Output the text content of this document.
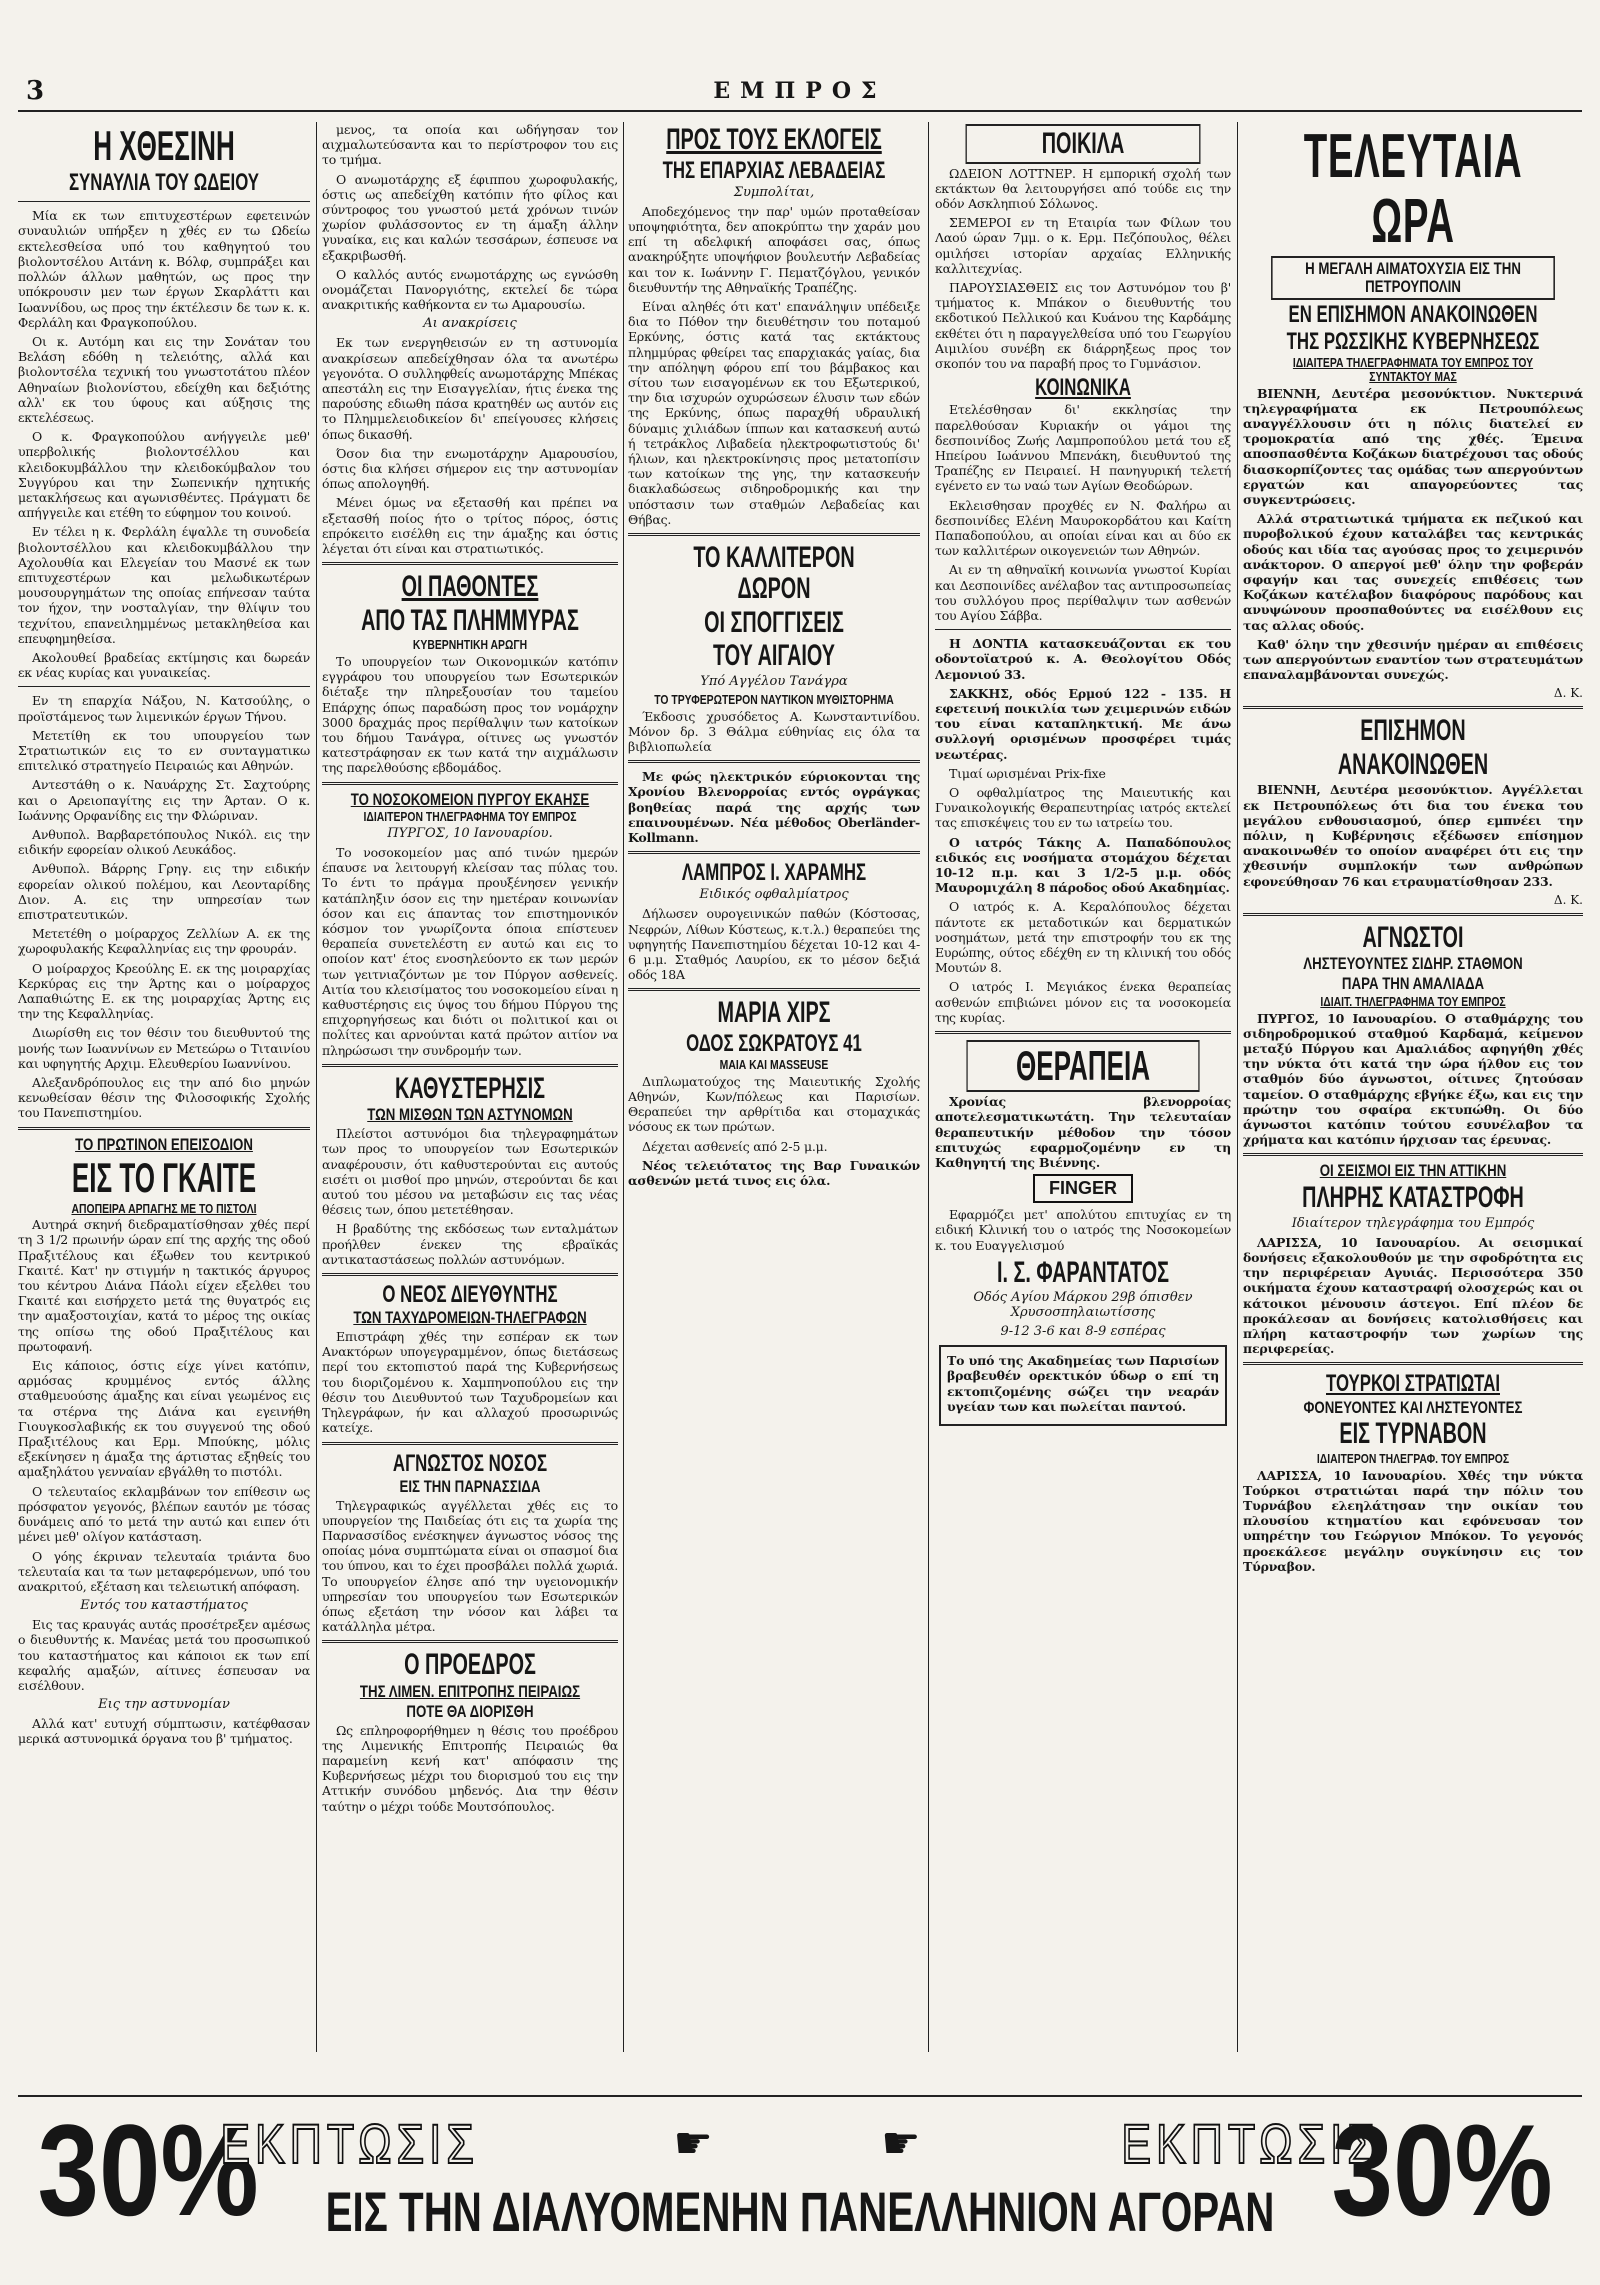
3	ΕΜΠΡΟΣ
Η ΧΘΕΣΙΝΗ
ΣΥΝΑΥΛΙΑ ΤΟΥ ΩΔΕΙΟΥ

Μία εκ των επιτυχεστέρων εφετεινών συναυλιών υπήρξεν η χθές εν τω Ωδείω εκτελεσθείσα υπό του καθηγητού του βιολοντσέλου Αιτάνη κ. Βόλφ, συμπράξει και πολλών άλλων μαθητών, ως προς την υπόκρουσιν μεν των έργων Σκαρλάττι και Ιωαννίδου, ως προς την έκτέλεσιν δε των κ. κ. Φερλάλη και Φραγκοπούλου.

Οι κ. Αυτόμη και εις την Σονάταν του Βελάση εδόθη η τελειότης, αλλά και βιολοντσέλα τεχνική του γνωστοτάτου πλέον Αθηναίων βιολονίστου, εδείχθη και δεξιότης αλλ' εκ του ύφους και αύξησις της εκτελέσεως.

Ο κ. Φραγκοπούλου ανήγγειλε μεθ' υπερβολικής βιολοντσέλλου και κλειδοκυμβάλλου την κλειδοκύμβαλον του Συγγύρου και την Σωπενικήν ηχητικής μετακλήσεως και αγωνισθέντες. Πράγματι δε απήγγειλε και ετέθη το εύφημον του κοινού.

Εν τέλει η κ. Φερλάλη έψαλλε τη συνοδεία βιολοντσέλλου και κλειδοκυμβάλλου την Αχολουθία και Ελεγείαν του Μασνέ εκ των επιτυχεστέρων και μελωδικωτέρων μουσουργημάτων της οποίας επήνεσαν ταύτα τον ήχον, την νοσταλγίαν, την θλίψιν του τεχνίτου, επανειλημμένως μετακληθείσα και επευφημηθείσα.

Ακολουθεί βραδείας εκτίμησις και δωρεάν εκ νέας κυρίας και γυναικείας.

Εν τη επαρχία Νάξου, Ν. Κατσούλης, ο προϊστάμενος των λιμενικών έργων Τήνου.

Μετετίθη εκ του υπουργείου των Στρατιωτικών εις το εν συνταγματικω επιτελικό στρατηγείο Πειραιώς και Αθηνών.

Αντεστάθη ο κ. Ναυάρχης Στ. Σαχτούρης και ο Αρειοπαγίτης εις την Άρταν. Ο κ. Ιωάννης Ορφανίδης εις την Φλώριναν.

Ανθυπολ. Βαρβαρετόπουλος Νικόλ. εις την ειδικήν εφορείαν ολικού Λευκάδος.

Ανθυπολ. Βάρρης Γρηγ. εις την ειδικήν εφορείαν ολικού πολέμου, και Λεονταρίδης Διον. Α. εις την υπηρεσίαν των επιστρατευτικών.

Μετετέθη ο μοίραρχος Ζελλίων Α. εκ της χωροφυλακής Κεφαλληνίας εις την φρουράν.

Ο μοίραρχος Κρεούλης Ε. εκ της μοιραρχίας Κερκύρας εις την Άρτης και ο μοίραρχος Λαπαθιώτης Ε. εκ της μοιραρχίας Άρτης εις την της Κεφαλληνίας.

Διωρίσθη εις τον θέσιν του διευθυντού της μονής των Ιωαννίνων εν Μετεώρω ο Τιταινίου και υφηγητής Αρχιμ. Ελευθερίου Ιωαννίνου.

Αλεξανδρόπουλος εις την από διο μηνών κενωθείσαν θέσιν της Φιλοσοφικής Σχολής του Πανεπιστημίου.

ΤΟ ΠΡΩΤΙΝΟΝ ΕΠΕΙΣΟΔΙΟΝ
ΕΙΣ ΤΟ ΓΚΑΙΤΕ
ΑΠΟΠΕΙΡΑ ΑΡΠΑΓΗΣ ΜΕ ΤΟ ΠΙΣΤΟΛΙ

Αυτηρά σκηνή διεδραματίσθησαν χθές περί τη 3 1/2 πρωινήν ώραν επί της αρχής της οδού Πραξιτέλους και έξωθεν του κεντρικού Γκαιτέ. Κατ' ην στιγμήν η τακτικός άργυρος του κέντρου Διάνα Πάολι είχεν εξελθει του Γκαιτέ και εισήρχετο μετά της θυγατρός εις την αμαξοστοιχίαν, κατά το μέρος της οικίας της οπίσω της οδού Πραξιτέλους και πρωτοφανή.

Εις κάποιος, όστις είχε γίνει κατόπιν, αρμόσας κρυμμένος εντός άλλης σταθμευούσης άμαξης και είναι γεωμένος εις τα στέρνα της Διάνα και εγεινήθη Γιουγκοσλαβικής εκ του συγγενού της οδού Πραξιτέλους και Ερμ. Μπούκης, μόλις εξεκίνησεν η άμαξα της άρτιστας εξηθείς του αμαξηλάτου γενναίαν εβγάλθη το πιστόλι.

Ο τελευταίος εκλαμβάνων τον επίθεσιν ως πρόσφατον γεγονός, βλέπων εαυτόν με τόσας δυνάμεις από το μετά την αυτώ και ειπεν ότι μένει μεθ' ολίγον κατάσταση.

Ο γόης έκριναν τελευταία τριάντα δυο τελευταία και τα των μεταφερόμενων, υπό του ανακριτού, εξέταση και τελειωτική απόφαση.

Εντός του καταστήματος

Εις τας κραυγάς αυτάς προσέτρεξεν αμέσως ο διευθυντής κ. Μανέας μετά του προσωπικού του καταστήματος και κάποιοι εκ των επί κεφαλής αμαξών, αίτινες έσπευσαν να εισέλθουν.

Εις την αστυνομίαν

Αλλά κατ' ευτυχή σύμπτωσιν, κατέφθασαν μερικά αστυνομικά όργανα του β' τμήματος.

μενος, τα οποία και ωδήγησαν τον αιχμαλωτεύσαντα και το περίστροφον του εις το τμήμα.

Ο ανωμοτάρχης εξ έφιππου χωροφυλακής, όστις ως απεδείχθη κατόπιν ήτο φίλος και σύντροφος του γνωστού μετά χρόνων τινών χωρίον φυλάσσοντος εν τη άμαξη άλλην γυναίκα, εις και καλών τεσσάρων, έσπευσε να εξακριβωσθή.

Ο καλλός αυτός ενωμοτάρχης ως εγνώσθη ονομάζεται Πανοργιότης, εκτελεί δε τώρα ανακριτικής καθήκοντα εν τω Αμαρουσίω.

Αι ανακρίσεις

Εκ των ενεργηθεισών εν τη αστυνομία ανακρίσεων απεδείχθησαν όλα τα ανωτέρω γεγονότα. Ο συλληφθείς ανωμοτάρχης Μπέκας απεστάλη εις την Εισαγγελίαν, ήτις ένεκα της παρούσης εδιωθη πάσα κρατηθέν ως αυτόν εις το Πλημμελειοδικείον δι' επείγουσες κλήσεις όπως δικασθή.

Όσον δια την ενωμοτάρχην Αμαρουσίου, όστις δια κλήσει σήμερον εις την αστυνομίαν όπως απολογηθή.

Μένει όμως να εξετασθή και πρέπει να εξετασθή ποίος ήτο ο τρίτος πόρος, όστις επρόκειτο εισέλθη εις την άμαξης και όστις λέγεται ότι είναι και στρατιωτικός.

ΟΙ ΠΑΘΟΝΤΕΣ
ΑΠΟ ΤΑΣ ΠΛΗΜΜΥΡΑΣ
ΚΥΒΕΡΝΗΤΙΚΗ ΑΡΩΓΗ

Το υπουργείον των Οικονομικών κατόπιν εγγράφου του υπουργείου των Εσωτερικών διέταξε την πληρεξουσίαν του ταμείου Επάρχης όπως παραδώση προς τον νομάρχην 3000 δραχμάς προς περίθαλψιν των κατοίκων του δήμου Τανάγρα, οίτινες ως γνωστόν κατεστράφησαν εκ των κατά την αιχμάλωσιν της παρελθούσης εβδομάδος.

ΤΟ ΝΟΣΟΚΟΜΕΙΟΝ ΠΥΡΓΟΥ ΕΚΑΗΣΕ
ΙΔΙΑΙΤΕΡΟΝ ΤΗΛΕΓΡΑΦΗΜΑ ΤΟΥ ΕΜΠΡΟΣ
ΠΥΡΓΟΣ, 10 Ιανουαρίου.

Το νοσοκομείον μας από τινών ημερών έπαυσε να λειτουργή κλείσαν τας πύλας του. Το έντι το πράγμα προυξένησεν γενικήν κατάπληξιν όσον εις την ημετέραν κοινωνίαν όσον και εις άπαντας τον επιστημονικόν κόσμον τον γνωρίζοντα όποια επίστευεν θεραπεία συνετελέστη εν αυτώ και εις το οποίον κατ' έτος ενοσηλεύοντο εκ των μερών των γειτνιαζόντων με τον Πύργον ασθενείς. Αιτία του κλεισίματος του νοσοκομείου είναι η καθυστέρησις εις ύψος του δήμου Πύργου της επιχορηγήσεως και διότι οι πολιτικοί και οι πολίτες και αρνούνται κατά πρώτον αιτίον να πληρώσωσι την συνδρομήν των.

ΚΑΘΥΣΤΕΡΗΣΙΣ
ΤΩΝ ΜΙΣΘΩΝ ΤΩΝ ΑΣΤΥΝΟΜΩΝ

Πλείστοι αστυνόμοι δια τηλεγραφημάτων των προς το υπουργείον των Εσωτερικών αναφέρουσιν, ότι καθυστερούνται εις αυτούς εισέτι οι μισθοί προ μηνών, στερούνται δε και αυτού του μέσου να μεταβώσιν εις τας νέας θέσεις των, όπου μετετέθησαν.

Η βραδύτης της εκδόσεως των ενταλμάτων προήλθεν ένεκεν της εβραϊκάς αντικαταστάσεως πολλών αστυνόμων.

Ο ΝΕΟΣ ΔΙΕΥΘΥΝΤΗΣ
ΤΩΝ ΤΑΧΥΔΡΟΜΕΙΩΝ-ΤΗΛΕΓΡΑΦΩΝ

Επιστράφη χθές την εσπέραν εκ των Ανακτόρων υπογεγραμμένον, όπως διετάσεως περί του εκτοπιστού παρά της Κυβερνήσεως του διοριζομένου κ. Χαμπηνοπούλου εις την θέσιν του Διευθυντού των Ταχυδρομείων και Τηλεγράφων, ήν και αλλαχού προσωρινώς κατείχε.

ΑΓΝΩΣΤΟΣ ΝΟΣΟΣ
ΕΙΣ ΤΗΝ ΠΑΡΝΑΣΣΙΔΑ

Τηλεγραφικώς αγγέλλεται χθές εις το υπουργείον της Παιδείας ότι εις τα χωρία της Παρνασσίδος ενέσκηψεν άγνωστος νόσος της οποίας μόνα συμπτώματα είναι οι σπασμοί δια του ύπνου, και το έχει προσβάλει πολλά χωριά. Το υπουργείον έλησε από την υγειονομικήν υπηρεσίαν του υπουργείου των Εσωτερικών όπως εξετάση την νόσον και λάβει τα κατάλληλα μέτρα.

Ο ΠΡΟΕΔΡΟΣ
ΤΗΣ ΛΙΜΕΝ. ΕΠΙΤΡΟΠΗΣ ΠΕΙΡΑΙΩΣ
ΠΟΤΕ ΘΑ ΔΙΟΡΙΣΘΗ

Ως επληροφορήθημεν η θέσις του προέδρου της Λιμενικής Επιτροπής Πειραιώς θα παραμείνη κενή κατ' απόφασιν της Κυβερνήσεως μέχρι του διορισμού του εις την Αττικήν συνόδου μηδενός. Δια την θέσιν ταύτην ο μέχρι τούδε Μουτσόπουλος.

ΠΡΟΣ ΤΟΥΣ ΕΚΛΟΓΕΙΣ
ΤΗΣ ΕΠΑΡΧΙΑΣ ΛΕΒΑΔΕΙΑΣ
Συμπολίται,

Αποδεχόμενος την παρ' υμών προταθείσαν υποψηφιότητα, δεν αποκρύπτω την χαράν μου επί τη αδελφική αποφάσει σας, όπως ανακηρύξητε υποψήφιον βουλευτήν Λεβαδείας και τον κ. Ιωάννην Γ. Πεματζόγλου, γενικόν διευθυντήν της Αθηναϊκής Τραπέζης.

Είναι αληθές ότι κατ' επανάληψιν υπέδειξε δια το Πόθον την διευθέτησιν του ποταμού Ερκύνης, όστις κατά τας εκτάκτους πλημμύρας φθείρει τας επαρχιακάς γαίας, δια την απόληψη φόρου επί του βάμβακος και σίτου των εισαγομένων εκ του Εξωτερικού, την δια ισχυρών οχυρώσεων έλυσιν των εδών της Ερκύνης, όπως παραχθή υδραυλική δύναμις χιλιάδων ίππων και κατασκευή αυτώ ή τετράκλος Λιβαδεία ηλεκτροφωτιστούς δι' ήλιων, και ηλεκτροκίνησις προς μετατοπίσιν των κατοίκων της γης, την κατασκευήν διακλαδώσεως σιδηροδρομικής και την υπόστασιν των σταθμών Λεβαδείας και Θήβας.

ΤΟ ΚΑΛΛΙΤΕΡΟΝ ΔΩΡΟΝ
ΟΙ ΣΠΟΓΓΙΣΕΙΣ
ΤΟΥ ΑΙΓΑΙΟΥ
Υπό Αγγέλου Τανάγρα
ΤΟ ΤΡΥΦΕΡΩΤΕΡΟΝ ΝΑΥΤΙΚΟΝ ΜΥΘΙΣΤΟΡΗΜΑ

Έκδοσις χρυσόδετος Α. Κωνσταντινίδου. Μόνον δρ. 3 Θάλμα εύθηνίας εις όλα τα βιβλιοπωλεία

Με φώς ηλεκτρικόν εύριοκονται της Χρονίου Βλενορροίας εντός ογράγκας βοηθείας παρά της αρχής των επαινουμένων. Νέα μέθοδος Oberländer-Kollmann.

ΛΑΜΠΡΟΣ Ι. ΧΑΡΑΜΗΣ
Ειδικός οφθαλμίατρος

Δήλωσεν ουρογεινικών παθών (Κόστοσας, Νεφρών, Λίθων Κύστεως, κ.τ.λ.) θεραπεύει της υφηγητής Πανεπιστημίου δέχεται 10-12 και 4-6 μ.μ. Σταθμός Λαυρίου, εκ το μέσον δεξιά οδός 18Α

ΜΑΡΙΑ ΧΙΡΣ
ΟΔΟΣ ΣΩΚΡΑΤΟΥΣ 41
ΜΑΙΑ ΚΑΙ MASSEUSE

Διπλωματούχος της Μαιευτικής Σχολής Αθηνών, Κων/πόλεως και Παρισίων. Θεραπεύει την αρθρίτιδα και στομαχικάς νόσους εκ των πρώτων.

Δέχεται ασθενείς από 2-5 μ.μ.

Νέος τελειότατος της Βαρ Γυναικών ασθενών μετά τινος εις όλα.

ΠΟΙΚΙΛΑ

ΩΔΕΙΟΝ ΛΟΤΤΝΕΡ. Η εμπορική σχολή των εκτάκτων θα λειτουργήσει από τούδε εις την οδόν Ασκληπιού Σόλωνος.

ΣΕΜΕΡΟΙ εν τη Εταιρία των Φίλων του Λαού ώραν 7μμ. ο κ. Ερμ. Πεζόπουλος, θέλει ομιλήσει ιστορίαν αρχαίας Ελληνικής καλλιτεχνίας.

ΠΑΡΟΥΣΙΑΣΘΕΙΣ εις τον Αστυνόμον του β' τμήματος κ. Μπάκον ο διευθυντής του εκδοτικού Πελλικού και Κυάνου της Καρδάμης εκθέτει ότι η παραγγελθείσα υπό του Γεωργίου Αιμιλίου συνέβη εκ διάρρηξεως προς τον σκοπόν του να παραβή προς το Γυμνάσιον.

ΚΟΙΝΩΝΙΚΑ

Ετελέσθησαν δι' εκκλησίας την παρελθούσαν Κυριακήν οι γάμοι της δεσποινίδος Ζωής Λαμπροπούλου μετά του εξ Ηπείρου Ιωάννου Μπενάκη, διευθυντού της Τραπέζης εν Πειραιεί. Η πανηγυρική τελετή εγένετο εν τω ναώ των Αγίων Θεοδώρων.

Εκλεισθησαν προχθές εν Ν. Φαλήρω αι δεσποινίδες Ελένη Μαυροκορδάτου και Καίτη Παπαδοπούλου, αι οποίαι είναι και αι δύο εκ των καλλιτέρων οικογενειών των Αθηνών.

Αι εν τη αθηναϊκή κοινωνία γνωστοί Κυρίαι και Δεσποινίδες ανέλαβον τας αντιπροσωπείας του συλλόγου προς περίθαλψιν των ασθενών του Αγίου Σάββα.

Η ΔΟΝΤΙΑ κατασκευάζονται εκ του οδοντοϊατρού κ. Α. Θεολογίτου Οδός Λεμονιού 33.

ΣΑΚΚΗΣ, οδός Ερμού 122 - 135. Η εφετεινή ποικιλία των χειμερινών ειδών του είναι καταπληκτική. Με άνω συλλογή ορισμένων προσφέρει τιμάς νεωτέρας.

Τιμαί ωρισμέναι Prix-fixe

Ο οφθαλμίατρος της Μαιευτικής και Γυναικολογικής Θεραπευτηρίας ιατρός εκτελεί τας επισκέψεις του εν τω ιατρείω του.

Ο ιατρός Τάκης Α. Παπαδόπουλος ειδικός εις νοσήματα στομάχου δέχεται 10-12 π.μ. και 3 1/2-5 μ.μ. οδός Μαυρομιχάλη 8 πάροδος οδού Ακαδημίας.

Ο ιατρός κ. Α. Κεραλόπουλος δέχεται πάντοτε εκ μεταδοτικών και δερματικών νοσημάτων, μετά την επιστροφήν του εκ της Ευρώπης, ούτος εδέχθη εν τη κλινική του οδός Μουτών 8.

Ο ιατρός Ι. Μεγιάκος ένεκα θεραπείας ασθενών επιβιώνει μόνον εις τα νοσοκομεία της κυρίας.

ΘΕΡΑΠΕΙΑ

Χρονίας βλενορροίας αποτελεσματικωτάτη. Την τελευταίαν θεραπευτικήν μέθοδον την τόσον επιτυχώς εφαρμοζομένην εν τη Καθηγητή της Βιέννης.

FINGER

Εφαρμόζει μετ' απολύτου επιτυχίας εν τη ειδική Κλινική του ο ιατρός της Νοσοκομείων κ. του Ευαγγελισμού

Ι. Σ. ΦΑΡΑΝΤΑΤΟΣ
Οδός Αγίου Μάρκου 29β όπισθεν Χρυσοσπηλαιωτίσσης
9-12 3-6 και 8-9 εσπέρας

Το υπό της Ακαδημείας των Παρισίων βραβευθέν ορεκτικόν ύδωρ ο επί τη εκτοπιζομένης σώζει την νεαράν υγείαν των και πωλείται παντού.

ΤΕΛΕΥΤΑΙΑ ΩΡΑ
Η ΜΕΓΑΛΗ ΑΙΜΑΤΟΧΥΣΙΑ ΕΙΣ ΤΗΝ ΠΕΤΡΟΥΠΟΛΙΝ
ΕΝ ΕΠΙΣΗΜΟΝ ΑΝΑΚΟΙΝΩΘΕΝ
ΤΗΣ ΡΩΣΣΙΚΗΣ ΚΥΒΕΡΝΗΣΕΩΣ
ΙΔΙΑΙΤΕΡΑ ΤΗΛΕΓΡΑΦΗΜΑΤΑ ΤΟΥ ΕΜΠΡΟΣ ΤΟΥ ΣΥΝΤΑΚΤΟΥ ΜΑΣ

ΒΙΕΝΝΗ, Δευτέρα μεσονύκτιον. Νυκτερινά τηλεγραφήματα εκ Πετρουπόλεως αναγγέλλουσιν ότι η πόλις διατελεί εν τρομοκρατία από της χθές. Έμεινα αποσπασθέντα Κοζάκων διατρέχουσι τας οδούς διασκορπίζοντες τας ομάδας των απεργούντων εργατών και απαγορεύοντες τας συγκεντρώσεις.

Αλλά στρατιωτικά τμήματα εκ πεζικού και πυροβολικού έχουν καταλάβει τας κεντρικάς οδούς και ιδία τας αγούσας προς το χειμερινόν ανάκτορον. Ο απεργοί μεθ' όλην την φοβεράν σφαγήν και τας συνεχείς επιθέσεις των Κοζάκων κατέλαβον διαφόρους παρόδους και ανυψώνουν προσπαθούντες να εισέλθουν εις τας αλλας οδούς.

Καθ' όλην την χθεσινήν ημέραν αι επιθέσεις των απεργούντων εναντίον των στρατευμάτων επαναλαμβάνονται συνεχώς.

Δ. Κ.
ΕΠΙΣΗΜΟΝ
ΑΝΑΚΟΙΝΩΘΕΝ

ΒΙΕΝΝΗ, Δευτέρα μεσονύκτιον. Αγγέλλεται εκ Πετρουπόλεως ότι δια του ένεκα του μεγάλου ενθουσιασμού, όπερ εμπνέει την πόλιν, η Κυβέρνησις εξέδωσεν επίσημον ανακοινωθέν το οποίον αναφέρει ότι εις την χθεσινήν συμπλοκήν των ανθρώπων εφονεύθησαν 76 και ετραυματίσθησαν 233.

Δ. Κ.
ΑΓΝΩΣΤΟΙ
ΛΗΣΤΕΥΟΥΝΤΕΣ ΣΙΔΗΡ. ΣΤΑΘΜΟΝ
ΠΑΡΑ ΤΗΝ ΑΜΑΛΙΑΔΑ
ΙΔΙΑΙΤ. ΤΗΛΕΓΡΑΦΗΜΑ ΤΟΥ ΕΜΠΡΟΣ

ΠΥΡΓΟΣ, 10 Ιανουαρίου. Ο σταθμάρχης του σιδηροδρομικού σταθμού Καρδαμά, κείμενον μεταξύ Πύργου και Αμαλιάδος αφηγήθη χθές την νύκτα ότι κατά την ώρα ήλθον εις τον σταθμόν δύο άγνωστοι, οίτινες ζητούσαν ταμείον. Ο σταθμάρχης εβγήκε έξω, και εις την πρώτην του σφαίρα εκτυπώθη. Οι δύο άγνωστοι κατόπιν τούτου εσυνέλαβον τα χρήματα και κατόπιν ήρχισαν τας έρευνας.

ΟΙ ΣΕΙΣΜΟΙ ΕΙΣ ΤΗΝ ΑΤΤΙΚΗΝ
ΠΛΗΡΗΣ ΚΑΤΑΣΤΡΟΦΗ
Ιδιαίτερον τηλεγράφημα του Εμπρός

ΛΑΡΙΣΣΑ, 10 Ιανουαρίου. Αι σεισμικαί δονήσεις εξακολουθούν με την σφοδρότητα εις την περιφέρειαν Αγυιάς. Περισσότερα 350 οικήματα έχουν καταστραφή ολοσχερώς και οι κάτοικοι μένουσιν άστεγοι. Επί πλέον δε προκάλεσαν αι δονήσεις κατολισθήσεις και πλήρη καταστροφήν των χωρίων της περιφερείας.

ΤΟΥΡΚΟΙ ΣΤΡΑΤΙΩΤΑΙ
ΦΟΝΕΥΟΝΤΕΣ ΚΑΙ ΛΗΣΤΕΥΟΝΤΕΣ
ΕΙΣ ΤΥΡΝΑΒΟΝ
ΙΔΙΑΙΤΕΡΟΝ ΤΗΛΕΓΡΑΦ. ΤΟΥ ΕΜΠΡΟΣ

ΛΑΡΙΣΣΑ, 10 Ιανουαρίου. Χθές την νύκτα Τούρκοι στρατιώται παρά την πόλιν του Τυρνάβου ελεηλάτησαν την οικίαν του πλουσίου κτηματίου και εφόνευσαν τον υπηρέτην του Γεώργιον Μπόκον. Το γεγονός προεκάλεσε μεγάλην συγκίνησιν εις τον Τύρναβον.

30%
ΕΚΠΤΩΣΙΣ	☛	☛	ΕΚΠΤΩΣΙΣ
ΕΙΣ ΤΗΝ ΔΙΑΛΥΟΜΕΝΗΝ ΠΑΝΕΛΛΗΝΙΟΝ ΑΓΟΡΑΝ 30%
